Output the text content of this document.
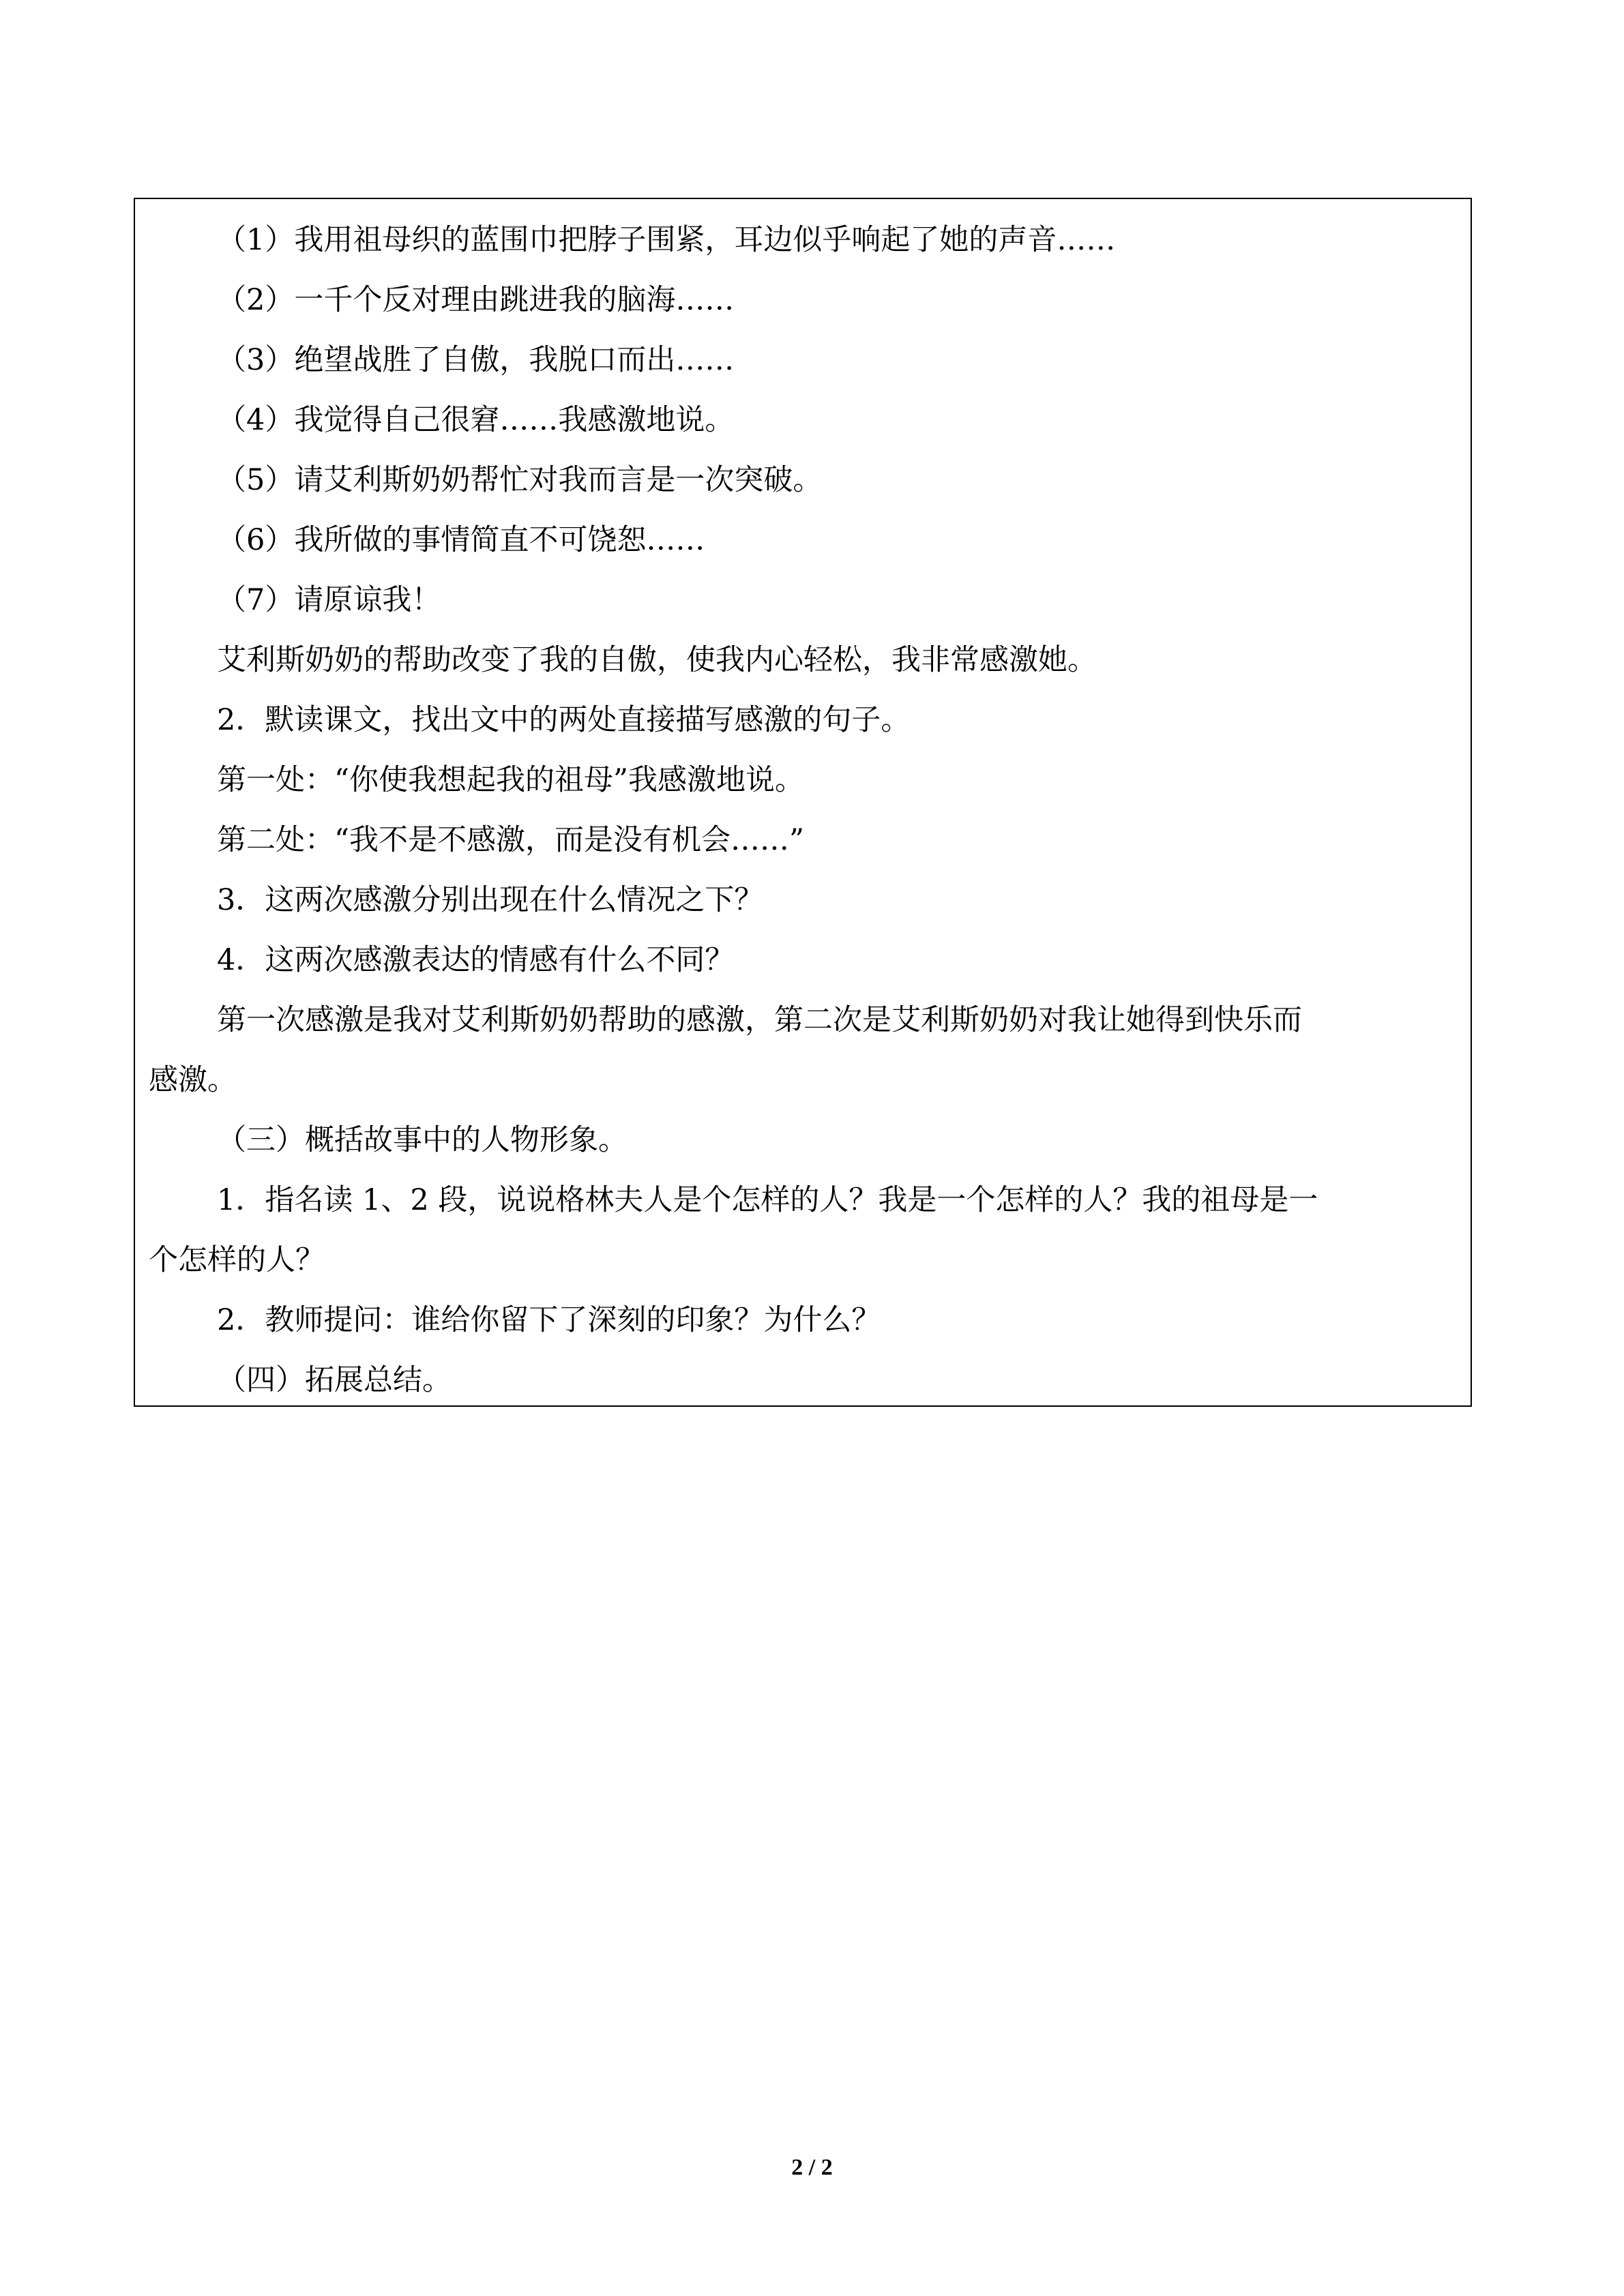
（1）我用祖母织的蓝围巾把脖子围紧，耳边似乎响起了她的声音……
（2）一千个反对理由跳进我的脑海……
（3）绝望战胜了自傲，我脱口而出……
（4）我觉得自己很窘……我感激地说。
（5）请艾利斯奶奶帮忙对我而言是一次突破。
（6）我所做的事情简直不可饶恕……
（7）请原谅我！
艾利斯奶奶的帮助改变了我的自傲，使我内心轻松，我非常感激她。
2．默读课文，找出文中的两处直接描写感激的句子。
第一处：“你使我想起我的祖母”我感激地说。
第二处：“我不是不感激，而是没有机会……”
3．这两次感激分别出现在什么情况之下？
4．这两次感激表达的情感有什么不同？
第一次感激是我对艾利斯奶奶帮助的感激，第二次是艾利斯奶奶对我让她得到快乐而
感激。
（三）概括故事中的人物形象。
1．指名读 1、2 段，说说格林夫人是个怎样的人？我是一个怎样的人？我的祖母是一
个怎样的人？
2．教师提问：谁给你留下了深刻的印象？为什么？
（四）拓展总结。
2 / 2
